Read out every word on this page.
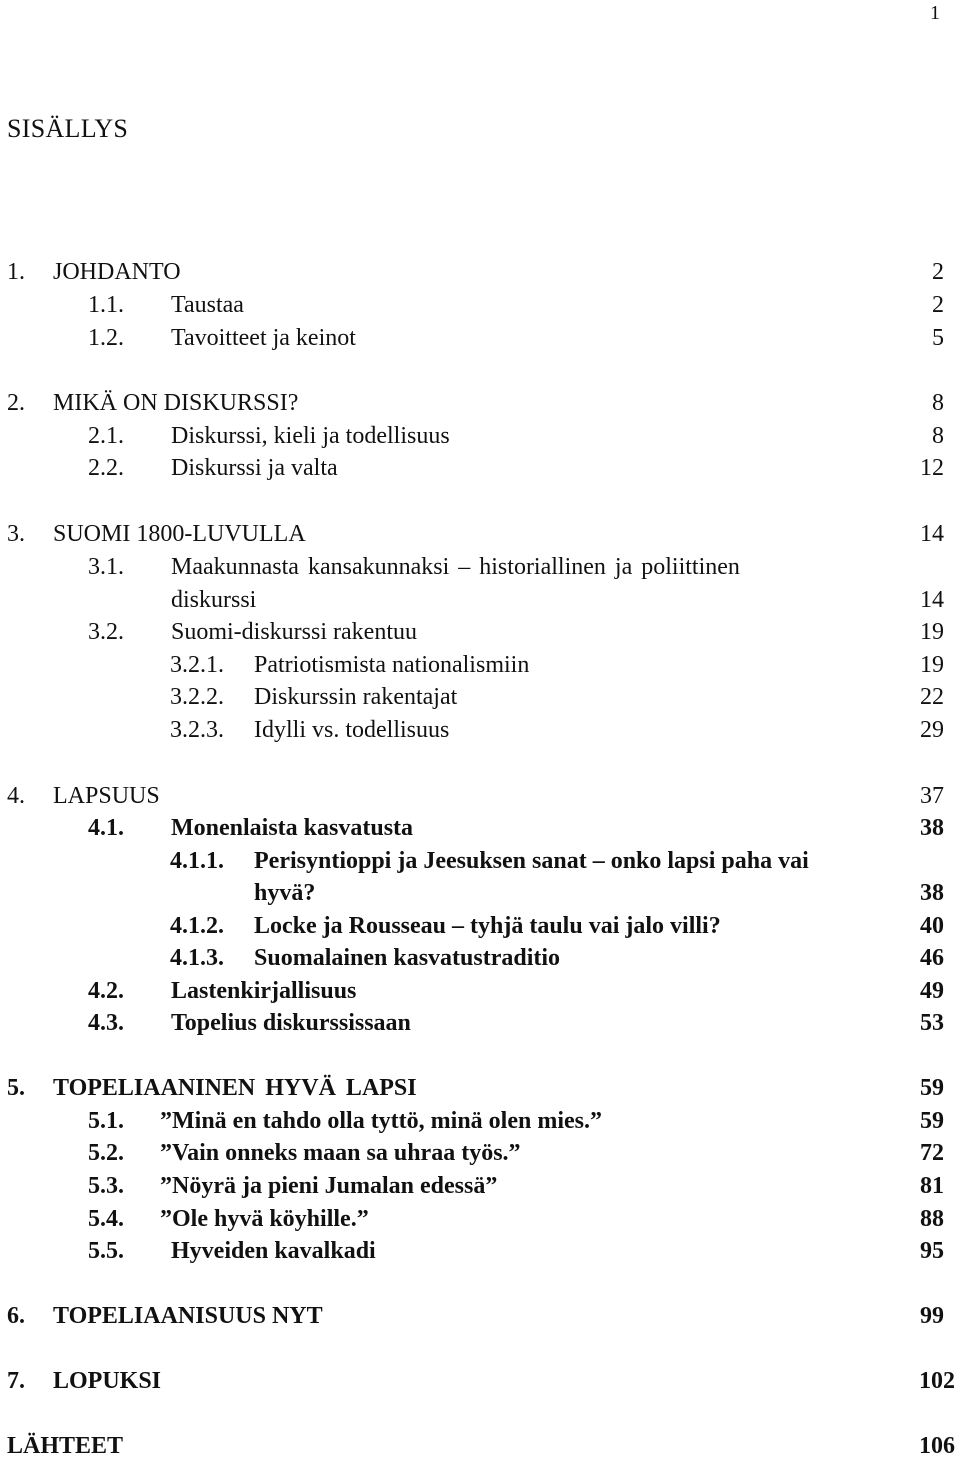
1
SISÄLLYS
1. JOHDANTO	2
1.1. Taustaa	2
1.2. Tavoitteet ja keinot	5
2. MIKÄ ON DISKURSSI?	8
2.1. Diskurssi, kieli ja todellisuus	8
2.2. Diskurssi ja valta	12
3. SUOMI 1800-LUVULLA	14
3.1. Maakunnasta kansakunnaksi – historiallinen ja poliittinen
diskurssi	14
3.2. Suomi-diskurssi rakentuu	19
3.2.1. Patriotismista nationalismiin	19
3.2.2. Diskurssin rakentajat	22
3.2.3. Idylli vs. todellisuus	29
4. LAPSUUS	37
4.1. Monenlaista kasvatusta	38
4.1.1. Perisyntioppi ja Jeesuksen sanat – onko lapsi paha vai
hyvä?	38
4.1.2. Locke ja Rousseau – tyhjä taulu vai jalo villi?	40
4.1.3. Suomalainen kasvatustraditio	46
4.2. Lastenkirjallisuus	49
4.3. Topelius diskurssissaan	53
5. TOPELIAANINEN HYVÄ LAPSI	59
5.1. ”Minä en tahdo olla tyttö, minä olen mies.”	59
5.2. ”Vain onneks maan sa uhraa työs.”	72
5.3. ”Nöyrä ja pieni Jumalan edessä”	81
5.4. ”Ole hyvä köyhille.”	88
5.5. Hyveiden kavalkadi	95
6. TOPELIAANISUUS NYT	99
7. LOPUKSI	102
LÄHTEET	106
